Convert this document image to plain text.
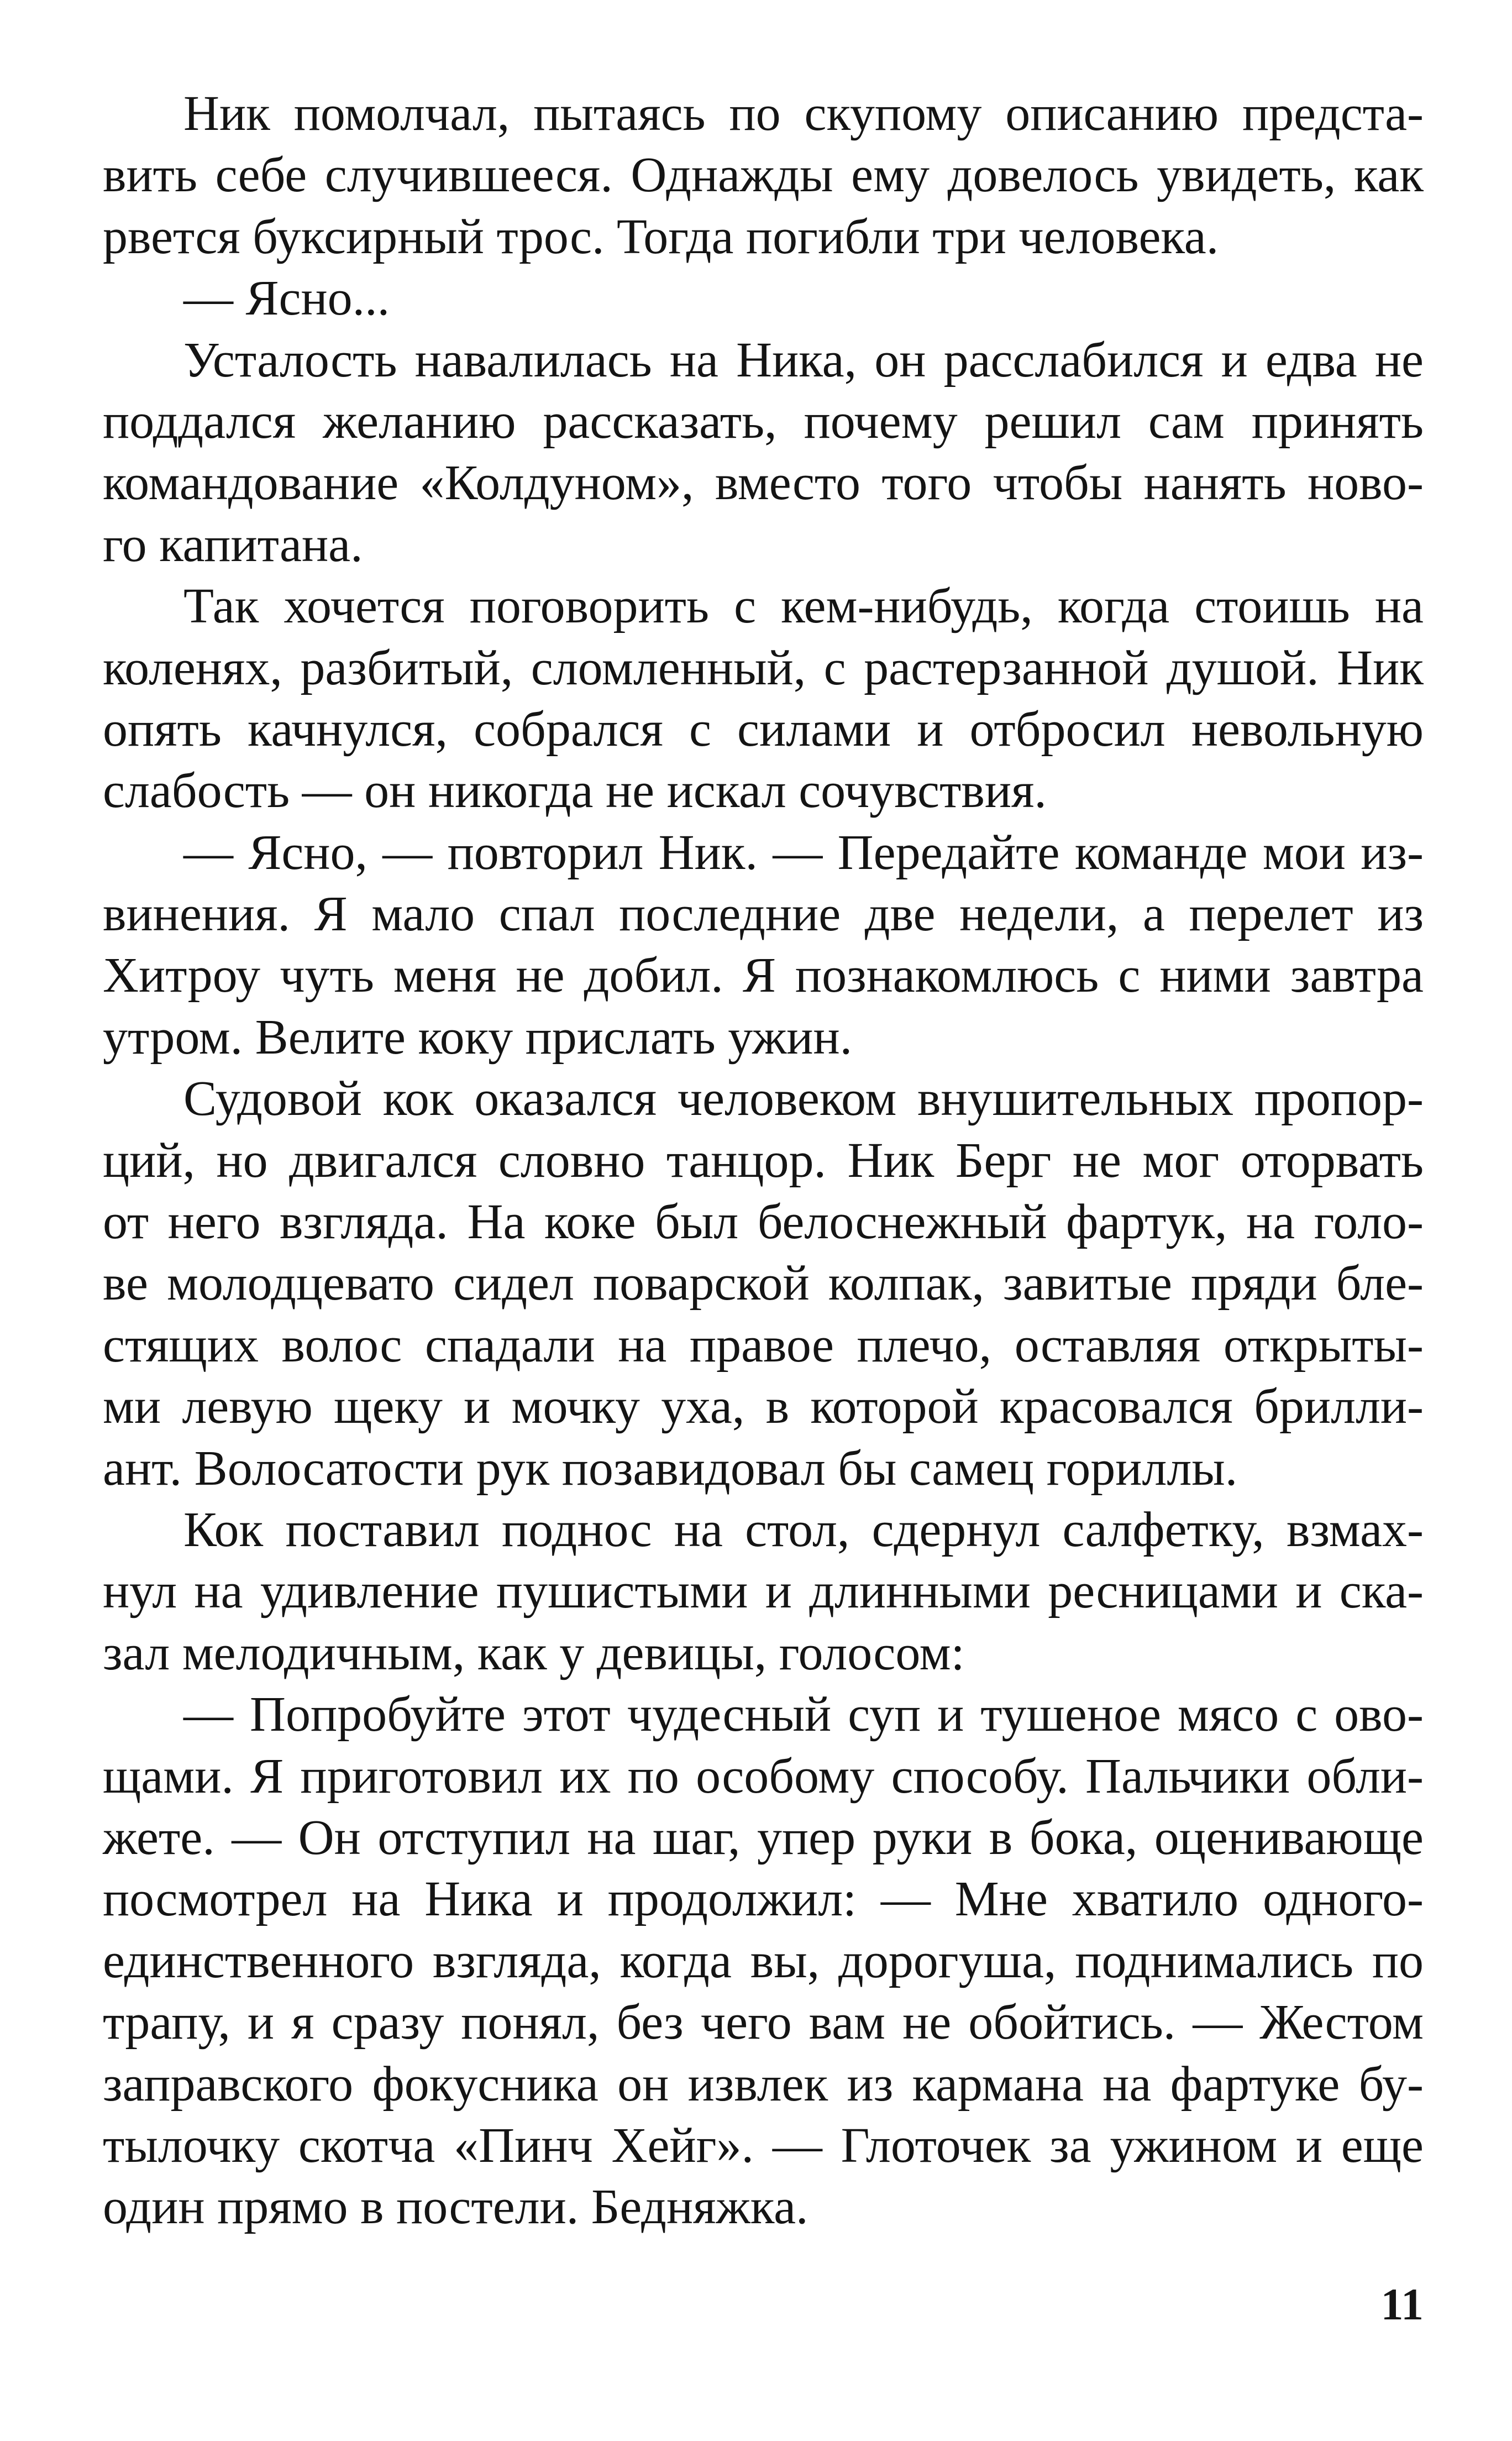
Ник помолчал, пытаясь по скупому описанию предста-
вить себе случившееся. Однажды ему довелось увидеть, как
рвется буксирный трос. Тогда погибли три человека.
— Ясно...
Усталость навалилась на Ника, он расслабился и едва не
поддался желанию рассказать, почему решил сам принять
командование «Колдуном», вместо того чтобы нанять ново-
го капитана.
Так хочется поговорить с кем-нибудь, когда стоишь на
коленях, разбитый, сломленный, с растерзанной душой. Ник
опять качнулся, собрался с силами и отбросил невольную
слабость — он никогда не искал сочувствия.
— Ясно, — повторил Ник. — Передайте команде мои из-
винения. Я мало спал последние две недели, а перелет из
Хитроу чуть меня не добил. Я познакомлюсь с ними завтра
утром. Велите коку прислать ужин.
Судовой кок оказался человеком внушительных пропор-
ций, но двигался словно танцор. Ник Берг не мог оторвать
от него взгляда. На коке был белоснежный фартук, на голо-
ве молодцевато сидел поварской колпак, завитые пряди бле-
стящих волос спадали на правое плечо, оставляя открыты-
ми левую щеку и мочку уха, в которой красовался брилли-
ант. Волосатости рук позавидовал бы самец гориллы.
Кок поставил поднос на стол, сдернул салфетку, взмах-
нул на удивление пушистыми и длинными ресницами и ска-
зал мелодичным, как у девицы, голосом:
— Попробуйте этот чудесный суп и тушеное мясо с ово-
щами. Я приготовил их по особому способу. Пальчики обли-
жете. — Он отступил на шаг, упер руки в бока, оценивающе
посмотрел на Ника и продолжил: — Мне хватило одного-
единственного взгляда, когда вы, дорогуша, поднимались по
трапу, и я сразу понял, без чего вам не обойтись. — Жестом
заправского фокусника он извлек из кармана на фартуке бу-
тылочку скотча «Пинч Хейг». — Глоточек за ужином и еще
один прямо в постели. Бедняжка.
11
